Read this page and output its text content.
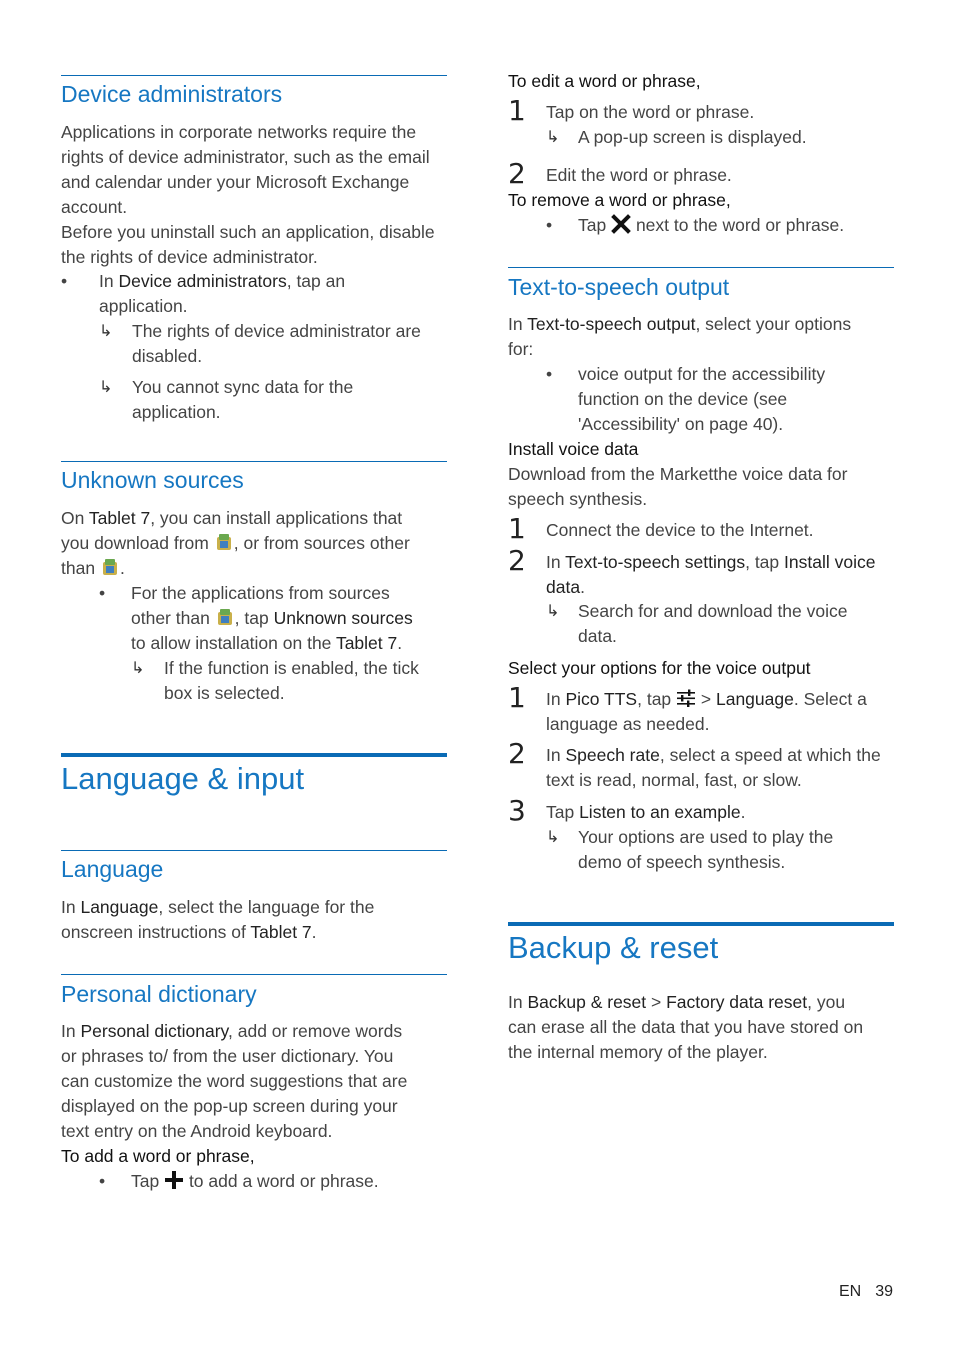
Device administrators
Applications in corporate networks require the
rights of device administrator, such as the email
and calendar under your Microsoft Exchange
account.
Before you uninstall such an application, disable
the rights of device administrator.
•	In Device administrators, tap an
application.
↳ The rights of device administrator are
disabled.
↳ You cannot sync data for the
application.
Unknown sources
On Tablet 7, you can install applications that
you download from , or from sources other
than .
•	For the applications from sources
other than , tap Unknown sources
to allow installation on the Tablet 7.
↳ If the function is enabled, the tick
box is selected.
Language & input
Language
In Language, select the language for the
onscreen instructions of Tablet 7.
Personal dictionary
In Personal dictionary, add or remove words
or phrases to/ from the user dictionary. You
can customize the word suggestions that are
displayed on the pop-up screen during your
text entry on the Android keyboard.
To add a word or phrase,
•	Tap  to add a word or phrase.
To edit a word or phrase,
1 Tap on the word or phrase.
↳ A pop-up screen is displayed.
2 Edit the word or phrase.
To remove a word or phrase,
•	Tap  next to the word or phrase.
Text-to-speech output
In Text-to-speech output, select your options
for:
•	voice output for the accessibility
function on the device (see
'Accessibility' on page 40).
Install voice data
Download from the Marketthe voice data for
speech synthesis.
1 Connect the device to the Internet.
2 In Text-to-speech settings, tap Install voice
data.
↳ Search for and download the voice
data.
Select your options for the voice output
1 In Pico TTS, tap  > Language. Select a
language as needed.
2 In Speech rate, select a speed at which the
text is read, normal, fast, or slow.
3 Tap Listen to an example.
↳ Your options are used to play the
demo of speech synthesis.
Backup & reset
In Backup & reset > Factory data reset, you
can erase all the data that you have stored on
the internal memory of the player.
EN 39
